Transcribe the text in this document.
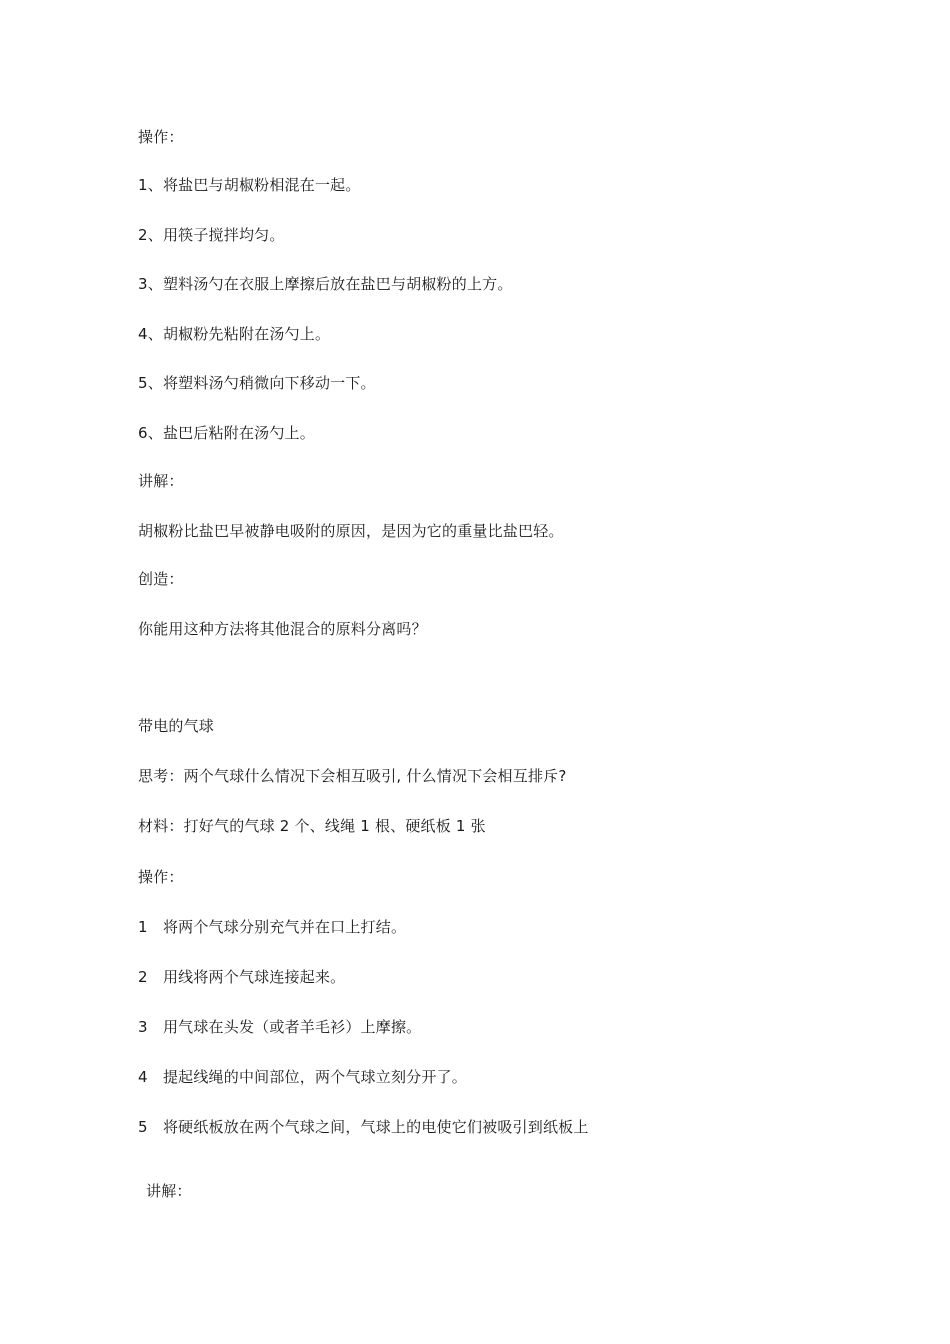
操作：
1、将盐巴与胡椒粉相混在一起。
2、用筷子搅拌均匀。
3、塑料汤勺在衣服上摩擦后放在盐巴与胡椒粉的上方。
4、胡椒粉先粘附在汤勺上。
5、将塑料汤勺稍微向下移动一下。
6、盐巴后粘附在汤勺上。
讲解：
胡椒粉比盐巴早被静电吸附的原因，是因为它的重量比盐巴轻。
创造：
你能用这种方法将其他混合的原料分离吗？
带电的气球
思考：两个气球什么情况下会相互吸引, 什么情况下会相互排斥?
材料：打好气的气球 2 个、线绳 1 根、硬纸板 1 张
操作：
1　将两个气球分别充气并在口上打结。
2　用线将两个气球连接起来。
3　用气球在头发（或者羊毛衫）上摩擦。
4　提起线绳的中间部位，两个气球立刻分开了。
5　将硬纸板放在两个气球之间，气球上的电使它们被吸引到纸板上
讲解：
